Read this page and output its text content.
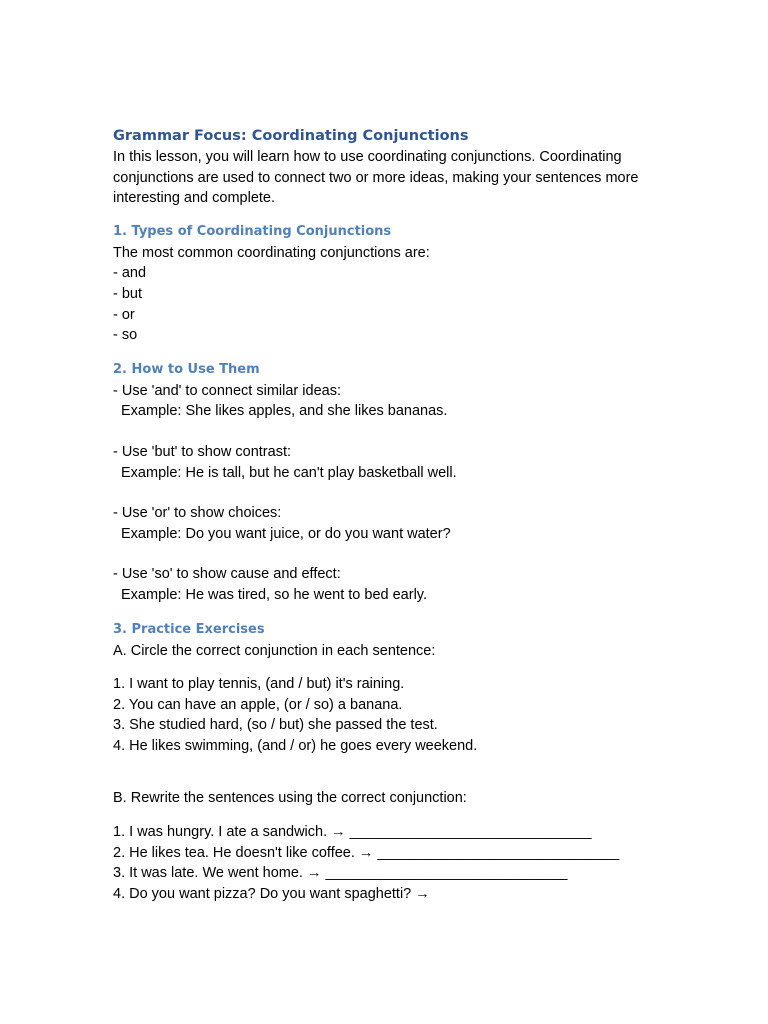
Grammar Focus: Coordinating Conjunctions
In this lesson, you will learn how to use coordinating conjunctions. Coordinating conjunctions are used to connect two or more ideas, making your sentences more interesting and complete.
1. Types of Coordinating Conjunctions
The most common coordinating conjunctions are:
- and
- but
- or
- so
2. How to Use Them
- Use 'and' to connect similar ideas:
Example: She likes apples, and she likes bananas.
- Use 'but' to show contrast:
Example: He is tall, but he can't play basketball well.
- Use 'or' to show choices:
Example: Do you want juice, or do you want water?
- Use 'so' to show cause and effect:
Example: He was tired, so he went to bed early.
3. Practice Exercises
A. Circle the correct conjunction in each sentence:
1. I want to play tennis, (and / but) it's raining.
2. You can have an apple, (or / so) a banana.
3. She studied hard, (so / but) she passed the test.
4. He likes swimming, (and / or) he goes every weekend.
B. Rewrite the sentences using the correct conjunction:
1. I was hungry. I ate a sandwich. → ______________________________
2. He likes tea. He doesn't like coffee. → ______________________________
3. It was late. We went home. → ______________________________
4. Do you want pizza? Do you want spaghetti? →
